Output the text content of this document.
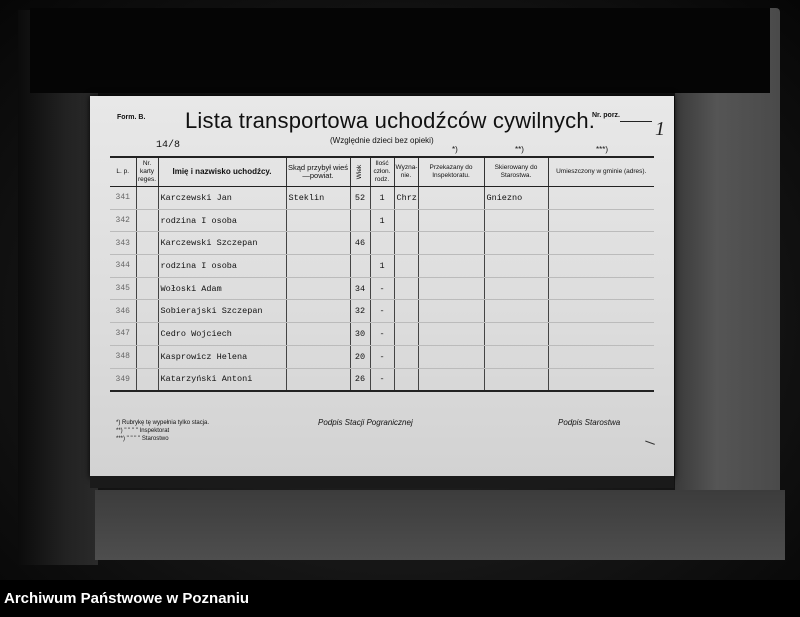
Form. B. Lista transportowa uchodźców cywilnych.
(Względnie dzieci bez opieki)
Nr. porz.
1
14/8	*)	**)	***)
L. p.	Nr. karty reges.	Imię i nazwisko uchodźcy.	Skąd przybył wieś—powiat.	Wiek	Ilość człon. rodz.	Wyzna-nie.	Przekazany do Inspektoratu.	Skierowany do Starostwa.	Umieszczony w gminie (adres).
341		Karczewski Jan	Steklin	52	1	Chrz		Gniezno	
342		rodzina I osoba			1				
343		Karczewski Szczepan		46					
344		rodzina I osoba			1				
345		Wołoski Adam		34	-				
346		Sobierajski Szczepan		32	-				
347		Cedro Wojciech		30	-				
348		Kasprowicz Helena		20	-				
349		Katarzyński Antoni		26	-				
*) Rubrykę tę wypełnia tylko stacja.
**) " " " " Inspektorat
***) " " " " Starostwo
Podpis Stacji Pogranicznej	Podpis Starostwa
Archiwum Państwowe w Poznaniu
